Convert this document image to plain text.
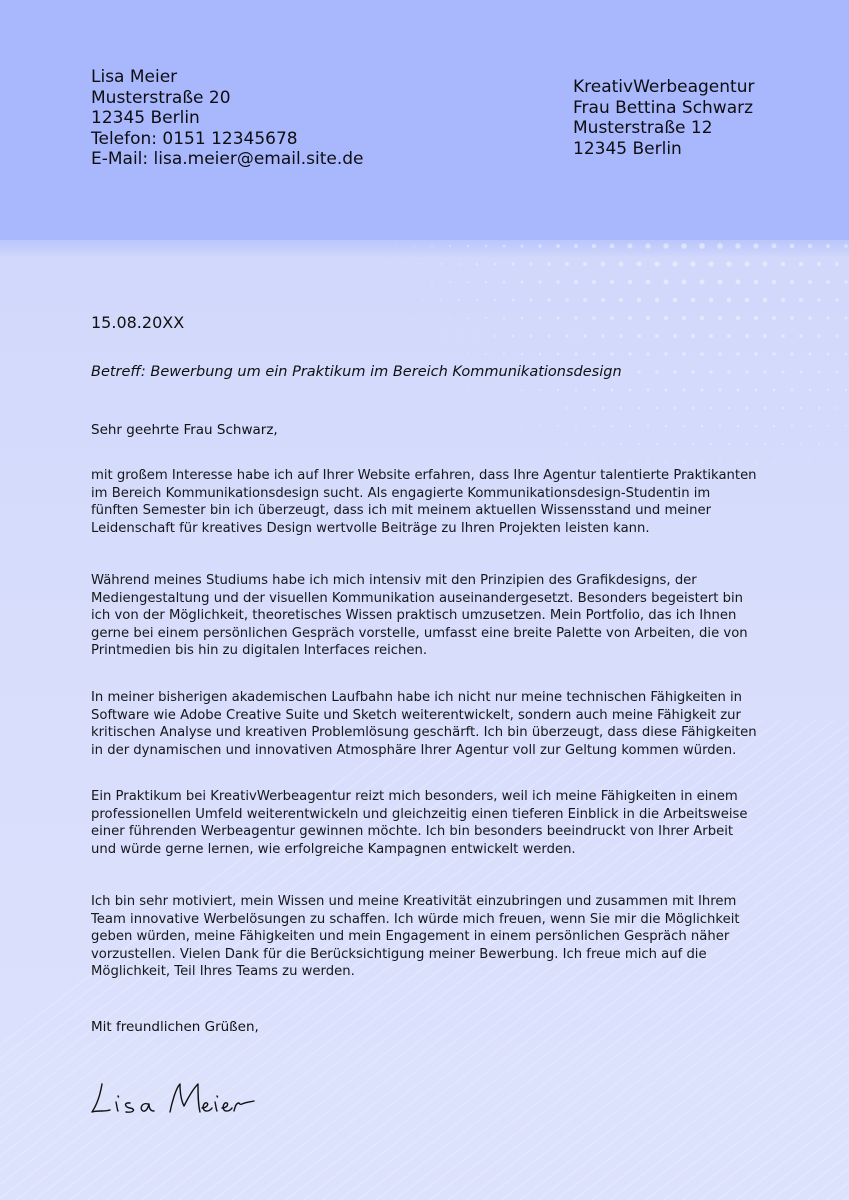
Lisa Meier
Musterstraße 20
12345 Berlin
Telefon: 0151 12345678
E-Mail: lisa.meier@email.site.de
KreativWerbeagentur
Frau Bettina Schwarz
Musterstraße 12
12345 Berlin
15.08.20XX
Betreff: Bewerbung um ein Praktikum im Bereich Kommunikationsdesign
Sehr geehrte Frau Schwarz,

mit großem Interesse habe ich auf Ihrer Website erfahren, dass Ihre Agentur talentierte Praktikanten im Bereich Kommunikationsdesign sucht. Als engagierte Kommunikationsdesign-Studentin im fünften Semester bin ich überzeugt, dass ich mit meinem aktuellen Wissensstand und meiner Leidenschaft für kreatives Design wertvolle Beiträge zu Ihren Projekten leisten kann.

Während meines Studiums habe ich mich intensiv mit den Prinzipien des Grafikdesigns, der Mediengestaltung und der visuellen Kommunikation auseinandergesetzt. Besonders begeistert bin ich von der Möglichkeit, theoretisches Wissen praktisch umzusetzen. Mein Portfolio, das ich Ihnen gerne bei einem persönlichen Gespräch vorstelle, umfasst eine breite Palette von Arbeiten, die von Printmedien bis hin zu digitalen Interfaces reichen.

In meiner bisherigen akademischen Laufbahn habe ich nicht nur meine technischen Fähigkeiten in Software wie Adobe Creative Suite und Sketch weiterentwickelt, sondern auch meine Fähigkeit zur kritischen Analyse und kreativen Problemlösung geschärft. Ich bin überzeugt, dass diese Fähigkeiten in der dynamischen und innovativen Atmosphäre Ihrer Agentur voll zur Geltung kommen würden.

Ein Praktikum bei KreativWerbeagentur reizt mich besonders, weil ich meine Fähigkeiten in einem professionellen Umfeld weiterentwickeln und gleichzeitig einen tieferen Einblick in die Arbeitsweise einer führenden Werbeagentur gewinnen möchte. Ich bin besonders beeindruckt von Ihrer Arbeit und würde gerne lernen, wie erfolgreiche Kampagnen entwickelt werden.

Ich bin sehr motiviert, mein Wissen und meine Kreativität einzubringen und zusammen mit Ihrem Team innovative Werbelösungen zu schaffen. Ich würde mich freuen, wenn Sie mir die Möglichkeit geben würden, meine Fähigkeiten und mein Engagement in einem persönlichen Gespräch näher vorzustellen. Vielen Dank für die Berücksichtigung meiner Bewerbung. Ich freue mich auf die Möglichkeit, Teil Ihres Teams zu werden.

Mit freundlichen Grüßen,
